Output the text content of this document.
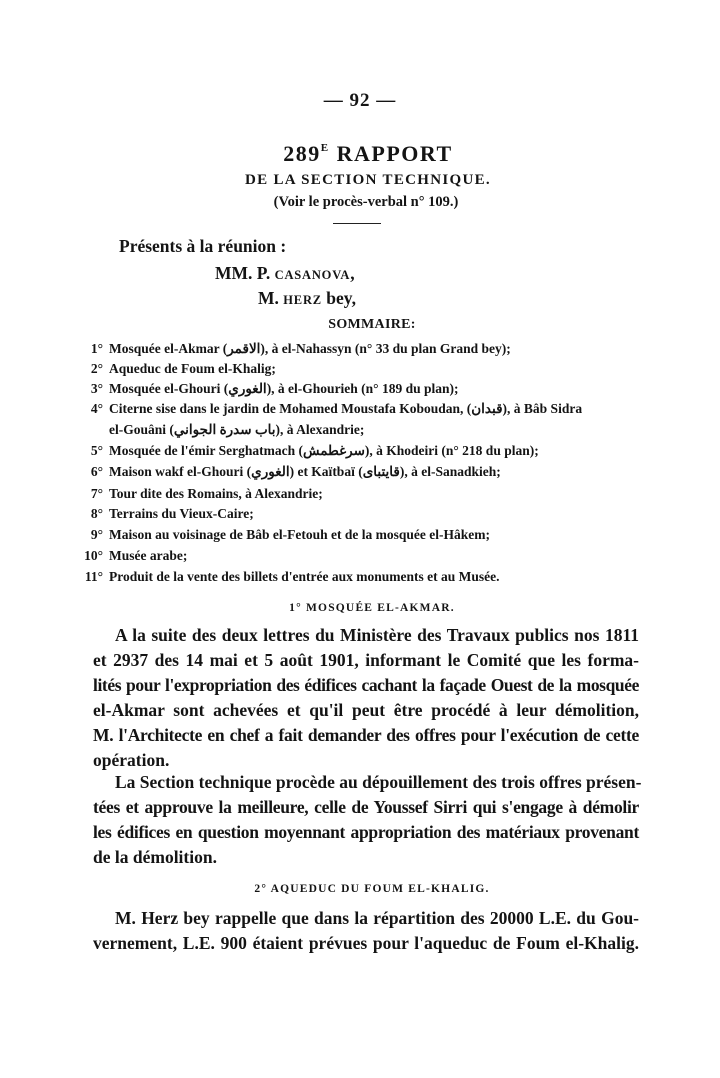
— 92 —
$289^E$ RAPPORT
DE LA SECTION TECHNIQUE.
(Voir le procès-verbal n° 109.)
Présents à la réunion :
MM. P. CASANOVA,
M. HERZ bey,
SOMMAIRE:
1° Mosquée el-Akmar (الاقمر), à el-Nahassyn (n° 33 du plan Grand bey);
2° Aqueduc de Foum el-Khalig;
3° Mosquée el-Ghouri (الغوري), à el-Ghourieh (n° 189 du plan);
4° Citerne sise dans le jardin de Mohamed Moustafa Koboudan, (قبدان), à Bâb Sidra
el-Gouâni (باب سدرة الجواني), à Alexandrie;
5° Mosquée de l'émir Serghatmach (سرغطمش), à Khodeiri (n° 218 du plan);
6° Maison wakf el-Ghouri (الغوري) et Kaïtbaï (قايتباى), à el-Sanadkieh;
7° Tour dite des Romains, à Alexandrie;
8° Terrains du Vieux-Caire;
9° Maison au voisinage de Bâb el-Fetouh et de la mosquée el-Hâkem;
10° Musée arabe;
11° Produit de la vente des billets d'entrée aux monuments et au Musée.
1° MOSQUÉE EL-AKMAR.
A la suite des deux lettres du Ministère des Travaux publics nos 1811
et 2937 des 14 mai et 5 août 1901, informant le Comité que les forma-
lités pour l'expropriation des édifices cachant la façade Ouest de la mosquée
el-Akmar sont achevées et qu'il peut être procédé à leur démolition,
M. l'Architecte en chef a fait demander des offres pour l'exécution de cette
opération.
La Section technique procède au dépouillement des trois offres présen-
tées et approuve la meilleure, celle de Youssef Sirri qui s'engage à démolir
les édifices en question moyennant appropriation des matériaux provenant
de la démolition.
2° AQUEDUC DU FOUM EL-KHALIG.
M. Herz bey rappelle que dans la répartition des 20000 L.E. du Gou-
vernement, L.E. 900 étaient prévues pour l'aqueduc de Foum el-Khalig.
